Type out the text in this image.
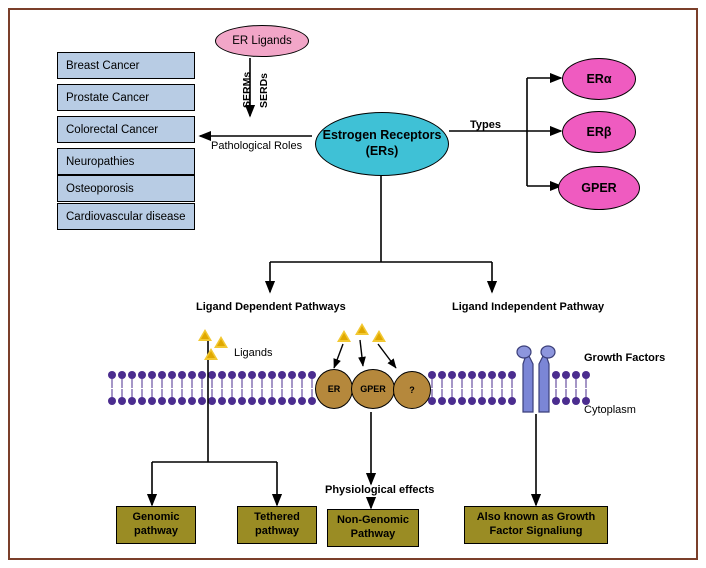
ER Ligands
SERMs SERDs
Breast Cancer
Prostate Cancer
Colorectal Cancer
Neuropathies
Osteoporosis
Cardiovascular disease
Pathological Roles
Estrogen Receptors
(ERs)
Types
ERα
ERβ
GPER
Ligand Dependent Pathways	Ligand Independent Pathway
Ligands
ER	GPER	?
Growth Factors
Cytoplasm
Physiological effects
Genomic
pathway
Tethered
pathway
Non-Genomic
Pathway
Also known as Growth
Factor Signaliung
